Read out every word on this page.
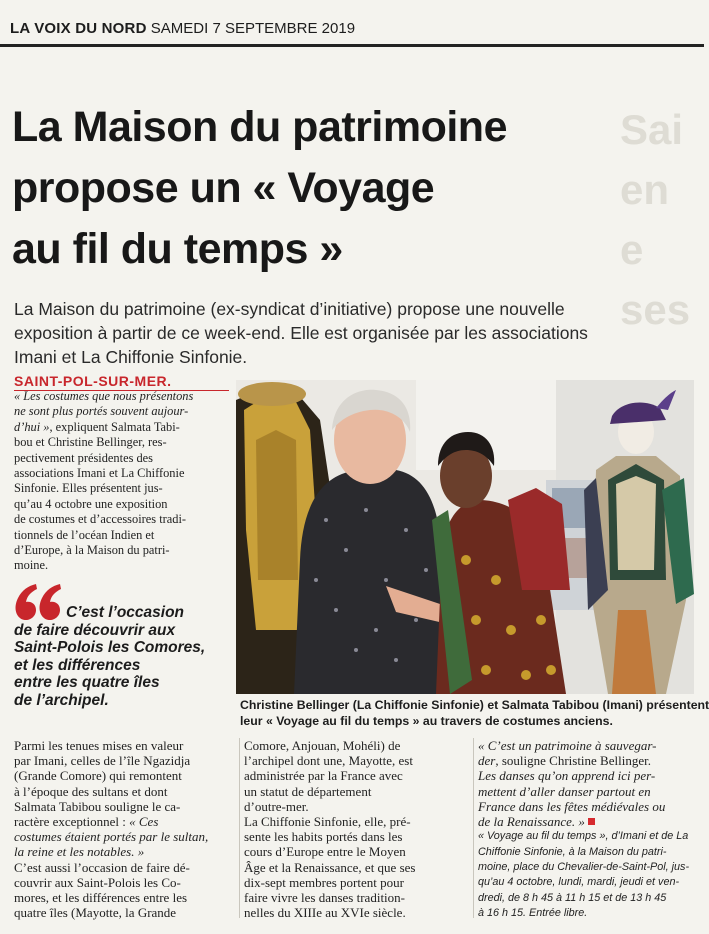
LA VOIX DU NORD SAMEDI 7 SEPTEMBRE 2019
Sai
en
e ses
La Maison du patrimoine
propose un « Voyage
au fil du temps »
La Maison du patrimoine (ex-syndicat d’initiative) propose une nouvelle
exposition à partir de ce week-end. Elle est organisée par les associations
Imani et La Chiffonie Sinfonie.
SAINT-POL-SUR-MER.
« Les costumes que nous présentons
ne sont plus portés souvent aujour-
d’hui », expliquent Salmata Tabi-
bou et Christine Bellinger, res-
pectivement présidentes des
associations Imani et La Chiffonie
Sinfonie. Elles présentent jus-
qu’au 4 octobre une exposition
de costumes et d’accessoires tradi-
tionnels de l’océan Indien et
d’Europe, à la Maison du patri-
moine.
C’est l’occasion
de faire découvrir aux
Saint-Polois les Comores,
et les différences
entre les quatre îles
de l’archipel.	Christine Bellinger (La Chiffonie Sinfonie) et Salmata Tabibou (Imani) présentent
leur « Voyage au fil du temps » au travers de costumes anciens.
Parmi les tenues mises en valeur
par Imani, celles de l’île Ngazidja
(Grande Comore) qui remontent
à l’époque des sultans et dont
Salmata Tabibou souligne le ca-
ractère exceptionnel : « Ces
costumes étaient portés par le sultan,
la reine et les notables. »
C’est aussi l’occasion de faire dé-
couvrir aux Saint-Polois les Co-
mores, et les différences entre les
quatre îles (Mayotte, la Grande
Comore, Anjouan, Mohéli) de
l’archipel dont une, Mayotte, est
administrée par la France avec
un statut de département
d’outre-mer.
La Chiffonie Sinfonie, elle, pré-
sente les habits portés dans les
cours d’Europe entre le Moyen
Âge et la Renaissance, et que ses
dix-sept membres portent pour
faire vivre les danses tradition-
nelles du XIIIe au XVIe siècle.
« C’est un patrimoine à sauvegar-
der, souligne Christine Bellinger.
Les danses qu’on apprend ici per-
mettent d’aller danser partout en
France dans les fêtes médiévales ou
de la Renaissance. »
« Voyage au fil du temps », d’Imani et de La
Chiffonie Sinfonie, à la Maison du patri-
moine, place du Chevalier-de-Saint-Pol, jus-
qu’au 4 octobre, lundi, mardi, jeudi et ven-
dredi, de 8 h 45 à 11 h 15 et de 13 h 45
à 16 h 15. Entrée libre.
